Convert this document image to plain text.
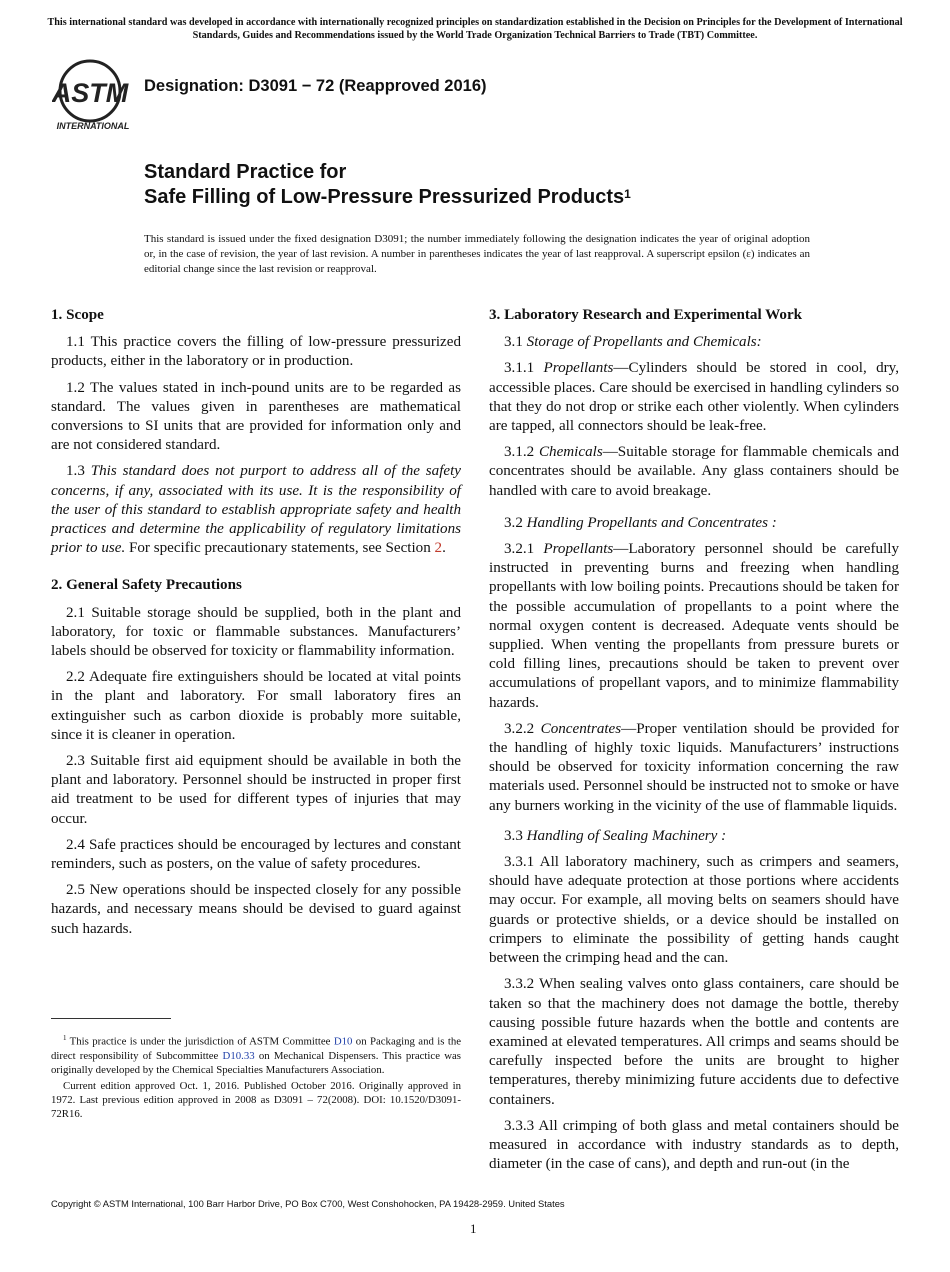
This international standard was developed in accordance with internationally recognized principles on standardization established in the Decision on Principles for the Development of International Standards, Guides and Recommendations issued by the World Trade Organization Technical Barriers to Trade (TBT) Committee.
ASTM
INTERNATIONAL
Designation: D3091 − 72 (Reapproved 2016)
Standard Practice for
Safe Filling of Low-Pressure Pressurized Products$^1$
This standard is issued under the fixed designation D3091; the number immediately following the designation indicates the year of original adoption or, in the case of revision, the year of last revision. A number in parentheses indicates the year of last reapproval. A superscript epsilon (ε) indicates an editorial change since the last revision or reapproval.
1. Scope

1.1 This practice covers the filling of low-pressure pressurized products, either in the laboratory or in production.

1.2 The values stated in inch-pound units are to be regarded as standard. The values given in parentheses are mathematical conversions to SI units that are provided for information only and are not considered standard.

1.3 This standard does not purport to address all of the safety concerns, if any, associated with its use. It is the responsibility of the user of this standard to establish appropriate safety and health practices and determine the applicability of regulatory limitations prior to use. For specific precautionary statements, see Section 2.

2. General Safety Precautions

2.1 Suitable storage should be supplied, both in the plant and laboratory, for toxic or flammable substances. Manufacturers’ labels should be observed for toxicity or flammability information.

2.2 Adequate fire extinguishers should be located at vital points in the plant and laboratory. For small laboratory fires an extinguisher such as carbon dioxide is probably more suitable, since it is cleaner in operation.

2.3 Suitable first aid equipment should be available in both the plant and laboratory. Personnel should be instructed in proper first aid treatment to be used for different types of injuries that may occur.

2.4 Safe practices should be encouraged by lectures and constant reminders, such as posters, on the value of safety procedures.

2.5 New operations should be inspected closely for any possible hazards, and necessary means should be devised to guard against such hazards.

3. Laboratory Research and Experimental Work

3.1 Storage of Propellants and Chemicals:

3.1.1 Propellants—Cylinders should be stored in cool, dry, accessible places. Care should be exercised in handling cylinders so that they do not drop or strike each other violently. When cylinders are tapped, all connectors should be leak-free.

3.1.2 Chemicals—Suitable storage for flammable chemicals and concentrates should be available. Any glass containers should be handled with care to avoid breakage.

3.2 Handling Propellants and Concentrates :

3.2.1 Propellants—Laboratory personnel should be carefully instructed in preventing burns and freezing when handling propellants with low boiling points. Precautions should be taken for the possible accumulation of propellants to a point where the normal oxygen content is decreased. Adequate vents should be supplied. When venting the propellants from pressure burets or cold filling lines, precautions should be taken to prevent over accumulations of propellant vapors, and to minimize flammability hazards.

3.2.2 Concentrates—Proper ventilation should be provided for the handling of highly toxic liquids. Manufacturers’ instructions should be observed for toxicity information concerning the raw materials used. Personnel should be instructed not to smoke or have any burners working in the vicinity of the use of flammable liquids.

3.3 Handling of Sealing Machinery :

3.3.1 All laboratory machinery, such as crimpers and seamers, should have adequate protection at those portions where accidents may occur. For example, all moving belts on seamers should have guards or protective shields, or a device should be installed on crimpers to eliminate the possibility of getting hands caught between the crimping head and the can.

3.3.2 When sealing valves onto glass containers, care should be taken so that the machinery does not damage the bottle, thereby causing possible future hazards when the bottle and contents are examined at elevated temperatures. All crimps and seams should be carefully inspected before the units are brought to higher temperatures, thereby minimizing future accidents due to defective containers.

3.3.3 All crimping of both glass and metal containers should be measured in accordance with industry standards as to depth, diameter (in the case of cans), and depth and run-out (in the

$^1$ This practice is under the jurisdiction of ASTM Committee D10 on Packaging and is the direct responsibility of Subcommittee D10.33 on Mechanical Dispensers. This practice was originally developed by the Chemical Specialties Manufacturers Association.

Current edition approved Oct. 1, 2016. Published October 2016. Originally approved in 1972. Last previous edition approved in 2008 as D3091 – 72(2008). DOI: 10.1520/D3091-72R16.

Copyright © ASTM International, 100 Barr Harbor Drive, PO Box C700, West Conshohocken, PA 19428-2959. United States
1
